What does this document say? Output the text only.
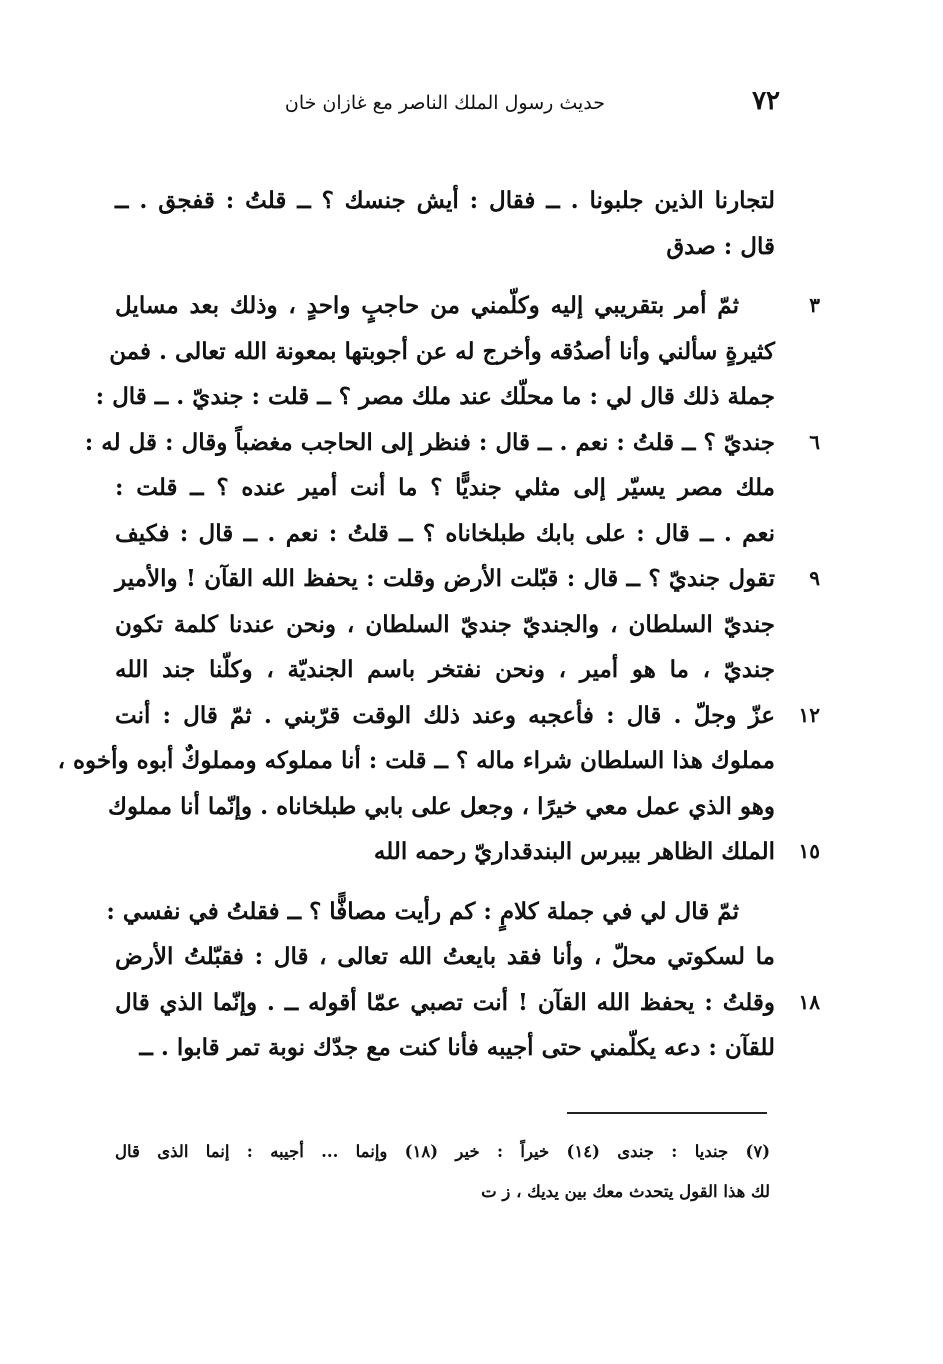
٧٢
حديث رسول الملك الناصر مع غازان خان
لتجارنا الذين جلبونا . ــ فقال : أيش جنسك ؟ ــ قلتُ : قفجق . ــ
قال : صدق
٣
ثمّ أمر بتقريبي إليه وكلّمني من حاجبٍ واحدٍ ، وذلك بعد مسايل
كثيرةٍ سألني وأنا أصدُقه وأخرج له عن أجوبتها بمعونة الله تعالى . فمن
جملة ذلك قال لي : ما محلّك عند ملك مصر ؟ ــ قلت : جنديّ . ــ قال :
٦
جنديّ ؟ ــ قلتُ : نعم . ــ قال : فنظر إلى الحاجب مغضباً وقال : قل له :
ملك مصر يسيّر إلى مثلي جنديًّا ؟ ما أنت أمير عنده ؟ ــ قلت :
نعم . ــ قال : على بابك طبلخاناه ؟ ــ قلتُ : نعم . ــ قال : فكيف
٩
تقول جنديّ ؟ ــ قال : قبّلت الأرض وقلت : يحفظ الله القآن ! والأمير
جنديّ السلطان ، والجنديّ جنديّ السلطان ، ونحن عندنا كلمة تكون
جنديّ ، ما هو أمير ، ونحن نفتخر باسم الجنديّة ، وكلّنا جند الله
١٢
عزّ وجلّ . قال : فأعجبه وعند ذلك الوقت قرّبني . ثمّ قال : أنت
مملوك هذا السلطان شراء ماله ؟ ــ قلت : أنا مملوكه ومملوكٌ أبوه وأخوه ،
وهو الذي عمل معي خيرًا ، وجعل على بابي طبلخاناه . وإنّما أنا مملوك
١٥
الملك الظاهر بيبرس البندقداريّ رحمه الله
ثمّ قال لي في جملة كلامٍ : كم رأيت مصافًّا ؟ ــ فقلتُ في نفسي :
ما لسكوتي محلّ ، وأنا فقد بايعتُ الله تعالى ، قال : فقبّلتُ الأرض
١٨
وقلتُ : يحفظ الله القآن ! أنت تصبي عمّا أقوله ــ . وإنّما الذي قال
للقآن : دعه يكلّمني حتى أجيبه فأنا كنت مع جدّك نوبة تمر قابوا . ــ
(٧) جنديا : جندى (١٤) خيراً : خير (١٨) وإنما ... أجيبه : إنما الذى قال
لك هذا القول يتحدث معك بين يديك ، ز ت
